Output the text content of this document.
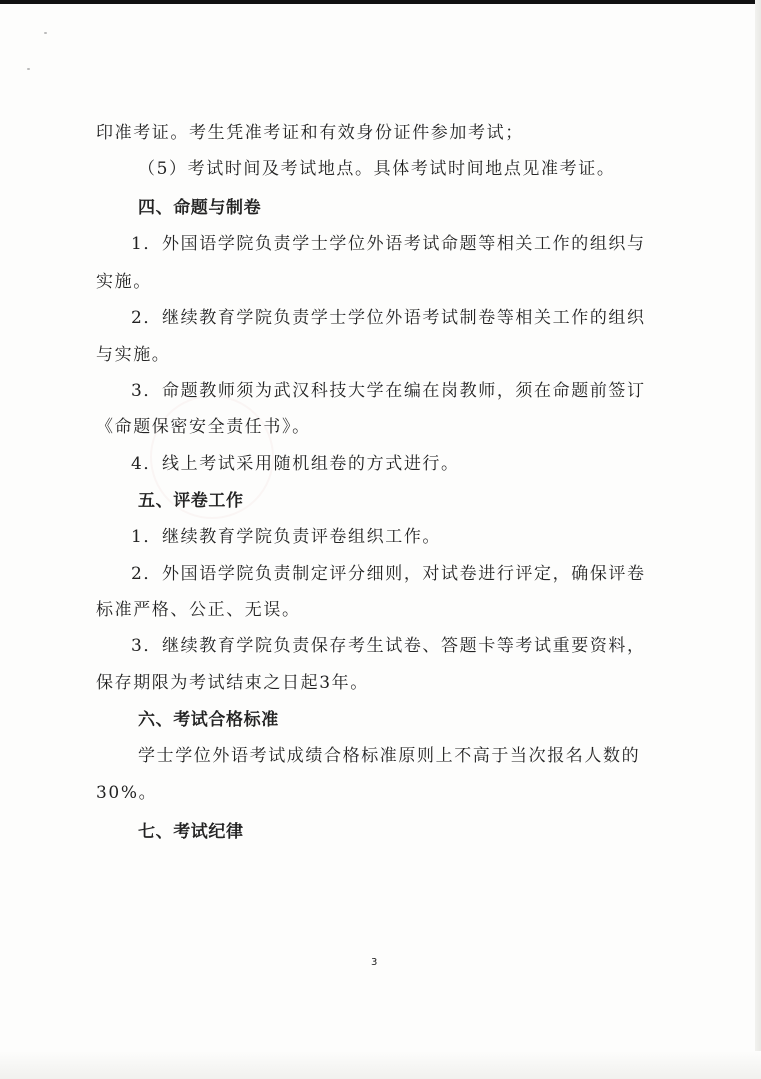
印准考证。考生凭准考证和有效身份证件参加考试；
（5）考试时间及考试地点。具体考试时间地点见准考证。
四、命题与制卷
1．外国语学院负责学士学位外语考试命题等相关工作的组织与
实施。
2．继续教育学院负责学士学位外语考试制卷等相关工作的组织
与实施。
3．命题教师须为武汉科技大学在编在岗教师，须在命题前签订
《命题保密安全责任书》。
4．线上考试采用随机组卷的方式进行。
五、评卷工作
1．继续教育学院负责评卷组织工作。
2．外国语学院负责制定评分细则，对试卷进行评定，确保评卷
标准严格、公正、无误。
3．继续教育学院负责保存考生试卷、答题卡等考试重要资料，
保存期限为考试结束之日起3年。
六、考试合格标准
学士学位外语考试成绩合格标准原则上不高于当次报名人数的
30%。
七、考试纪律
3
